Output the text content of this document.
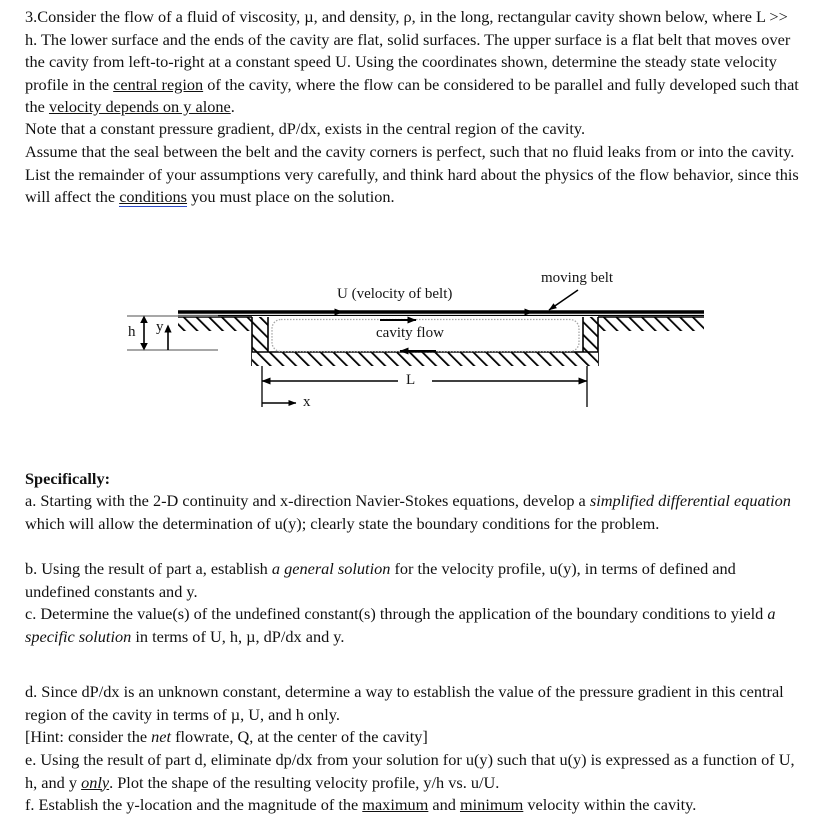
3.Consider the flow of a fluid of viscosity, µ, and density, ρ, in the long, rectangular cavity shown below, where L >> h. The lower surface and the ends of the cavity are flat, solid surfaces. The upper surface is a flat belt that moves over the cavity from left-to-right at a constant speed U. Using the coordinates shown, determine the steady state velocity profile in the central region of the cavity, where the flow can be considered to be parallel and fully developed such that the velocity depends on y alone.

Note that a constant pressure gradient, dP/dx, exists in the central region of the cavity.

Assume that the seal between the belt and the cavity corners is perfect, such that no fluid leaks from or into the cavity. List the remainder of your assumptions very carefully, and think hard about the physics of the flow behavior, since this will affect the conditions you must place on the solution.

U (velocity of belt)
moving belt
cavity flow
h y
x
L

Specifically:

a. Starting with the 2-D continuity and x-direction Navier-Stokes equations, develop a simplified differential equation which will allow the determination of u(y); clearly state the boundary conditions for the problem.

b. Using the result of part a, establish a general solution for the velocity profile, u(y), in terms of defined and undefined constants and y.

c. Determine the value(s) of the undefined constant(s) through the application of the boundary conditions to yield a specific solution in terms of U, h, µ, dP/dx and y.

d. Since dP/dx is an unknown constant, determine a way to establish the value of the pressure gradient in this central region of the cavity in terms of µ, U, and h only.

[Hint: consider the net flowrate, Q, at the center of the cavity]

e. Using the result of part d, eliminate dp/dx from your solution for u(y) such that u(y) is expressed as a function of U, h, and y only. Plot the shape of the resulting velocity profile, y/h vs. u/U.

f. Establish the y-location and the magnitude of the maximum and minimum velocity within the cavity.
